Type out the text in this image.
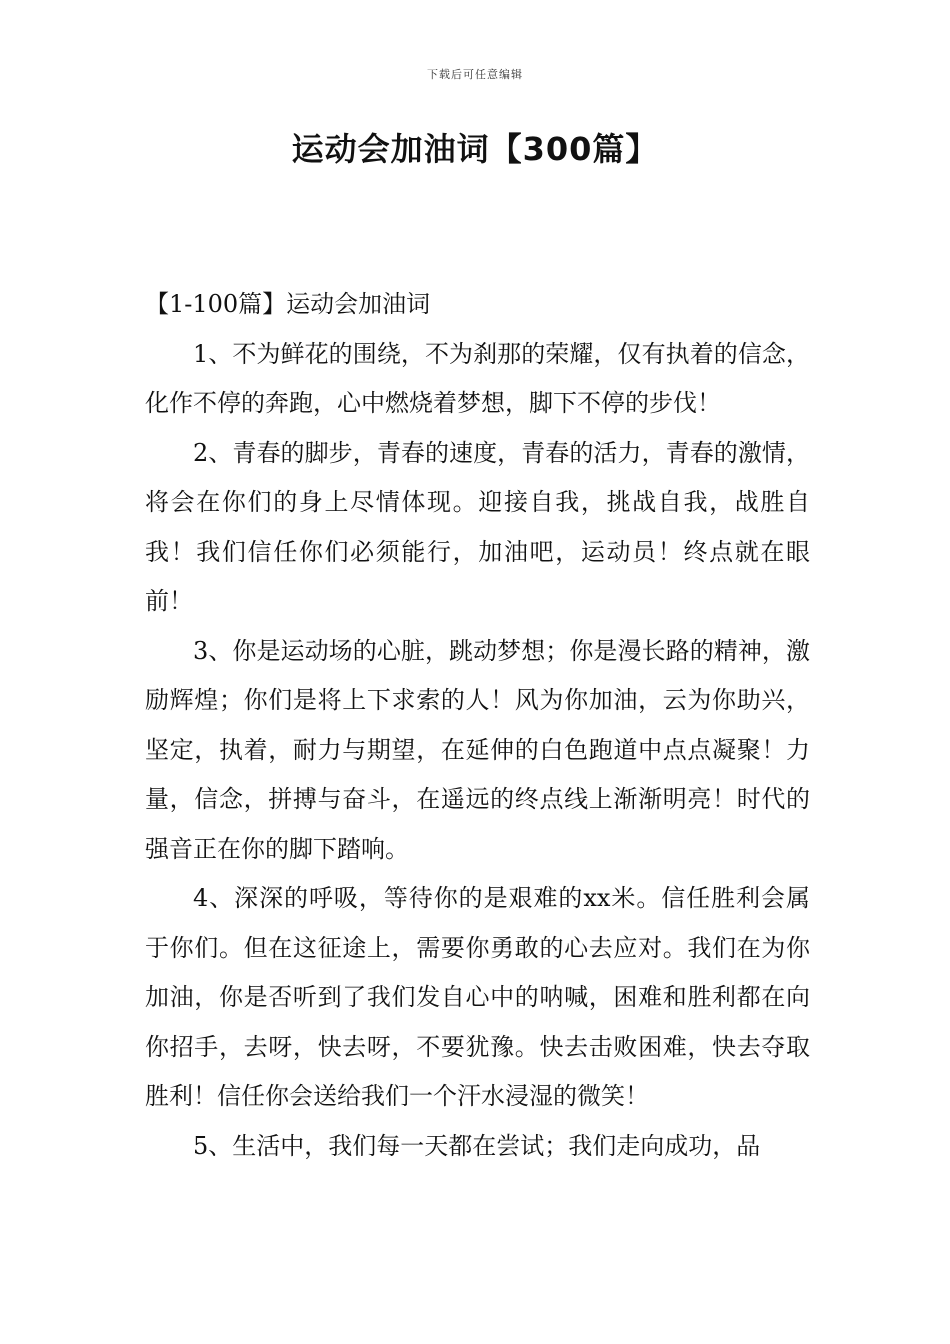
下载后可任意编辑
运动会加油词【300篇】

【1-100篇】运动会加油词

1、不为鲜花的围绕，不为刹那的荣耀，仅有执着的信念，化作不停的奔跑，心中燃烧着梦想，脚下不停的步伐！

2、青春的脚步，青春的速度，青春的活力，青春的激情，将会在你们的身上尽情体现。迎接自我，挑战自我，战胜自我！我们信任你们必须能行，加油吧，运动员！终点就在眼前！

3、你是运动场的心脏，跳动梦想；你是漫长路的精神，激励辉煌；你们是将上下求索的人！风为你加油，云为你助兴，坚定，执着，耐力与期望，在延伸的白色跑道中点点凝聚！力量，信念，拼搏与奋斗，在遥远的终点线上渐渐明亮！时代的强音正在你的脚下踏响。

4、深深的呼吸，等待你的是艰难的xx米。信任胜利会属于你们。但在这征途上，需要你勇敢的心去应对。我们在为你加油，你是否听到了我们发自心中的呐喊，困难和胜利都在向你招手，去呀，快去呀，不要犹豫。快去击败困难，快去夺取胜利！信任你会送给我们一个汗水浸湿的微笑！

5、生活中，我们每一天都在尝试；我们走向成功，品
